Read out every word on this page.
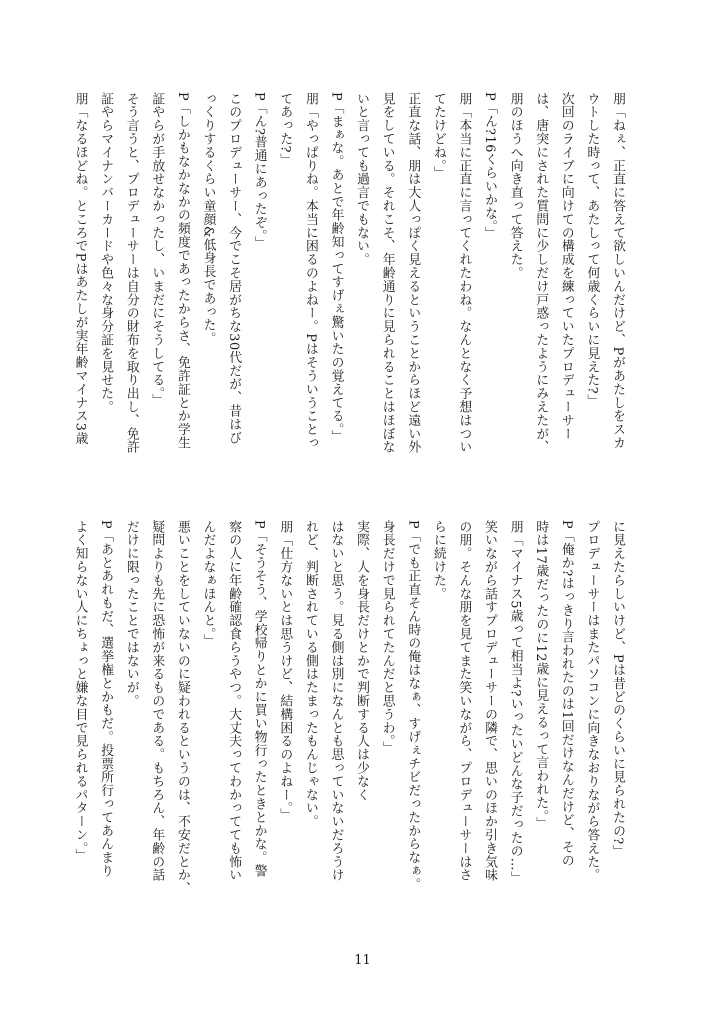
朋「ねぇ、正直に答えて欲しいんだけど、Pがあたしをスカ
ウトした時って、あたしって何歳くらいに見えた?」
次回のライブに向けての構成を練っていたプロデューサー
は、唐突にされた質問に少しだけ戸惑ったようにみえたが、
朋のほうへ向き直って答えた。
P「ん?16くらいかな。」
朋「本当に正直に言ってくれたわね。なんとなく予想はつい
てたけどね。」
正直な話、朋は大人っぽく見えるということからほど遠い外
見をしている。それこそ、年齢通りに見られることはほぼな
いと言っても過言でもない。
P「まぁな。あとで年齢知ってすげぇ驚いたの覚えてる。」
朋「やっぱりね。本当に困るのよねー。Pはそういうことっ
てあった?」
P「ん?普通にあったぞ。」
このプロデューサー、今でこそ居がちな30代だが、昔はび
っくりするくらい童顔&低身長であった。
P「しかもなかなかの頻度であったからさ、免許証とか学生
証やらが手放せなかったし、いまだにそうしてる。」
そう言うと、プロデューサーは自分の財布を取り出し、免許
証やらマイナンバーカードや色々な身分証を見せた。
朋「なるほどね。ところでPはあたしが実年齢マイナス3歳
に見えたらしいけど、Pは昔どのくらいに見られたの?」
プロデューサーはまたパソコンに向きなおりながら答えた。
P「俺か?はっきり言われたのは1回だけなんだけど、その
時は17歳だったのに12歳に見えるって言われた。」
朋「マイナス5歳って相当よ?いったいどんな子だったの…」
笑いながら話すプロデューサーの隣で、思いのほか引き気味
の朋。そんな朋を見てまた笑いながら、プロデューサーはさ
らに続けた。
P「でも正直そん時の俺はなぁ、すげぇチビだったからなぁ。
身長だけで見られてたんだと思うわ。」
実際、人を身長だけとかで判断する人は少なく
はないと思う。見る側は別になんとも思っていないだろうけ
れど、判断されている側はたまったもんじゃない。
朋「仕方ないとは思うけど、結構困るのよねー。」
P「そうそう、学校帰りとかに買い物行ったときとかな。警
察の人に年齢確認食らうやつ。大丈夫ってわかってても怖い
んだよなぁほんと。」
悪いことをしていないのに疑われるというのは、不安だとか、
疑問よりも先に恐怖が来るものである。もちろん、年齢の話
だけに限ったことではないが。
P「あとあれもだ、選挙権とかもだ。投票所行ってあんまり
よく知らない人にちょっと嫌な目で見られるパターン。」
11
